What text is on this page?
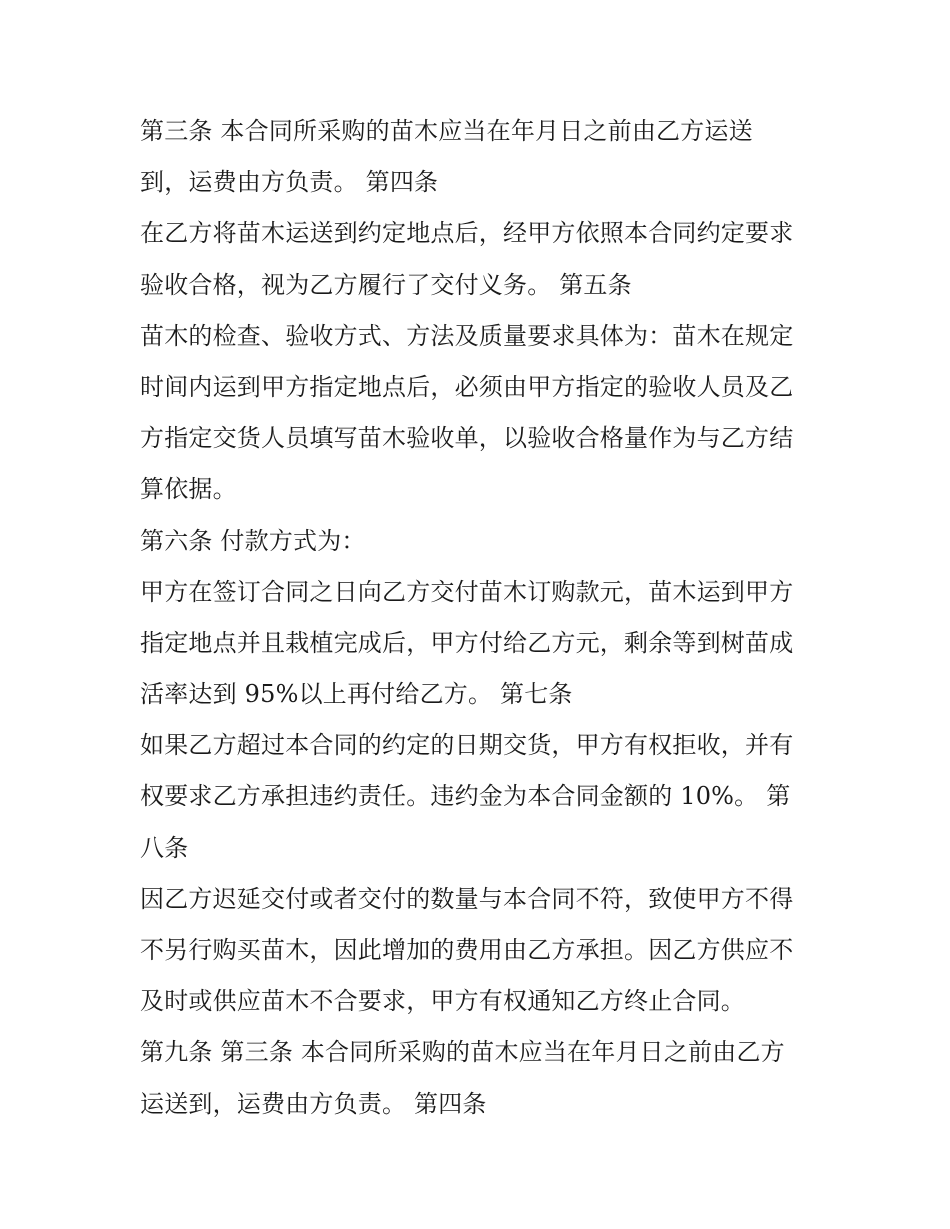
第三条 本合同所采购的苗木应当在年月日之前由乙方运送
到，运费由方负责。 第四条
在乙方将苗木运送到约定地点后，经甲方依照本合同约定要求
验收合格，视为乙方履行了交付义务。 第五条
苗木的检查、验收方式、方法及质量要求具体为：苗木在规定
时间内运到甲方指定地点后，必须由甲方指定的验收人员及乙
方指定交货人员填写苗木验收单，以验收合格量作为与乙方结
算依据。
第六条 付款方式为：
甲方在签订合同之日向乙方交付苗木订购款元，苗木运到甲方
指定地点并且栽植完成后，甲方付给乙方元，剩余等到树苗成
活率达到 95%以上再付给乙方。 第七条
如果乙方超过本合同的约定的日期交货，甲方有权拒收，并有
权要求乙方承担违约责任。违约金为本合同金额的 10%。 第
八条
因乙方迟延交付或者交付的数量与本合同不符，致使甲方不得
不另行购买苗木，因此增加的费用由乙方承担。因乙方供应不
及时或供应苗木不合要求，甲方有权通知乙方终止合同。
第九条 第三条 本合同所采购的苗木应当在年月日之前由乙方
运送到，运费由方负责。 第四条
